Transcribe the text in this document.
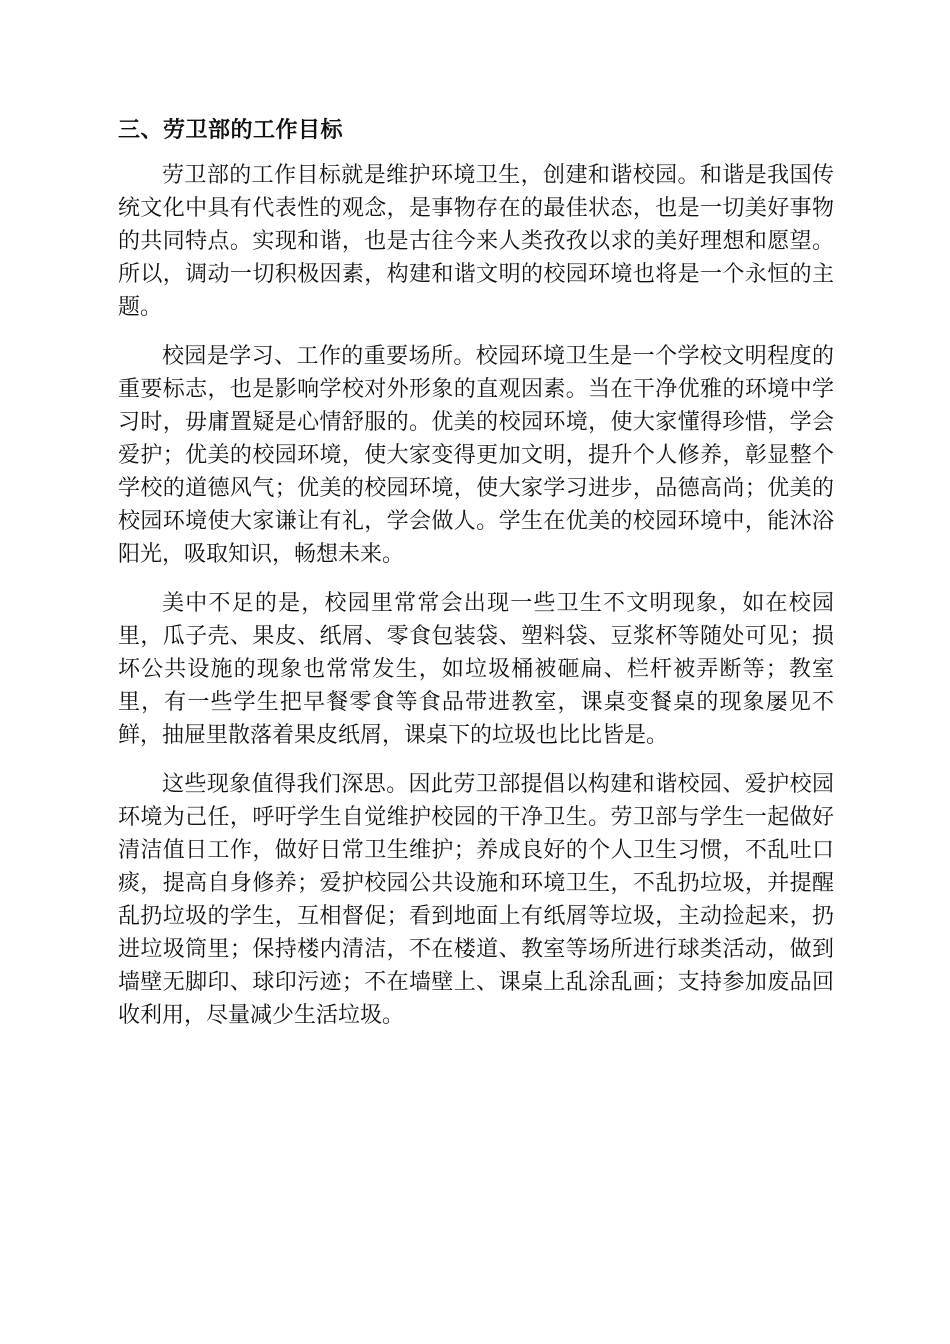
三、劳卫部的工作目标

劳卫部的工作目标就是维护环境卫生，创建和谐校园。和谐是我国传统文化中具有代表性的观念，是事物存在的最佳状态，也是一切美好事物的共同特点。实现和谐，也是古往今来人类孜孜以求的美好理想和愿望。所以，调动一切积极因素，构建和谐文明的校园环境也将是一个永恒的主题。

校园是学习、工作的重要场所。校园环境卫生是一个学校文明程度的重要标志，也是影响学校对外形象的直观因素。当在干净优雅的环境中学习时，毋庸置疑是心情舒服的。优美的校园环境，使大家懂得珍惜，学会爱护；优美的校园环境，使大家变得更加文明，提升个人修养，彰显整个学校的道德风气；优美的校园环境，使大家学习进步，品德高尚；优美的校园环境使大家谦让有礼，学会做人。学生在优美的校园环境中，能沐浴阳光，吸取知识，畅想未来。

美中不足的是，校园里常常会出现一些卫生不文明现象，如在校园里，瓜子壳、果皮、纸屑、零食包装袋、塑料袋、豆浆杯等随处可见；损坏公共设施的现象也常常发生，如垃圾桶被砸扁、栏杆被弄断等；教室里，有一些学生把早餐零食等食品带进教室，课桌变餐桌的现象屡见不鲜，抽屉里散落着果皮纸屑，课桌下的垃圾也比比皆是。

这些现象值得我们深思。因此劳卫部提倡以构建和谐校园、爱护校园环境为己任，呼吁学生自觉维护校园的干净卫生。劳卫部与学生一起做好清洁值日工作，做好日常卫生维护；养成良好的个人卫生习惯，不乱吐口痰，提高自身修养；爱护校园公共设施和环境卫生，不乱扔垃圾，并提醒乱扔垃圾的学生，互相督促；看到地面上有纸屑等垃圾，主动捡起来，扔进垃圾筒里；保持楼内清洁，不在楼道、教室等场所进行球类活动，做到墙壁无脚印、球印污迹；不在墙壁上、课桌上乱涂乱画；支持参加废品回收利用，尽量减少生活垃圾。
